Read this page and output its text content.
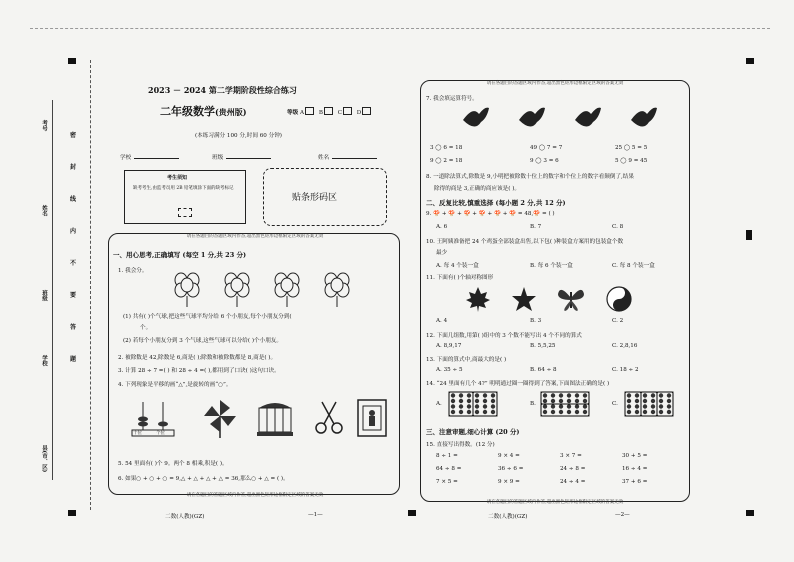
考号
姓名
班级
学校
县(市、区)
密
封
线
内
不
要
答
题
2023 － 2024 第二学期阶段性综合练习
二年级数学(贵州版)	等级 A	B	C	D
(本练习满分 100 分,时间 60 分钟)
学校	班级	姓名
考生须知
缺考考生,由监考员用 2B 铅笔填涂下面的缺考标记
贴条形码区
请在各题目的答题区域内作答,超出黑色矩形边框限定区域的答案无效
请在各题目的答题区域内作答,超出黑色矩形边框限定区域的答案无效
一、用心思考,正确填写 (每空 1 分,共 23 分)
1. 我会分。
(1) 共有( )个气球,把这些气球平均分给 6 个小朋友,每个小朋友分到(
个。
(2) 若每个小朋友分到 3 个气球,这些气球可以分给( )个小朋友。
2. 被除数是 42,除数是 6,商是( );除数和被除数都是 8,商是( )。
3. 计算 28 ÷ 7 =( ) 和 28 ÷ 4 =( ),都用到了口诀( )这句口诀。
4. 下列现象是平移的画“△”,是旋转的画“○”。
十位	个位
5. 54 里面有( )个 9。两个 8 相乘,积是( )。
6. 如果○ + ○ + ○ = 9,△ + △ + △ + △ = 36,那么○ + △ = ( )。
请在各题目的答题区域内作答,超出黑色矩形边框限定区域的答案无效
请在各题目的答题区域内作答,超出黑色矩形边框限定区域的答案无效
7. 我会填运算符号。
3 ◯ 6 = 18	49 ◯ 7 = 7	25 ◯ 5 = 5
9 ◯ 2 = 18	9 ◯ 3 = 6	5 ◯ 9 = 45
8. 一道除法算式,除数是 9,小明把被除数十位上的数字和个位上的数字看颠倒了,结果
除得的商是 3,正确的商应该是( )。
二、反复比较,慎重选择 (每小题 2 分,共 12 分)
9. 🍄 + 🍄 + 🍄 + 🍄 + 🍄 + 🍄 = 48,🍄 = ( )
A. 6	B. 7	C. 8
10. 王阿姨准备把 24 个鸡蛋全部装盒出售,以下包( )种装盒方案用的包装盒个数
最少
A. 每 4 个装一盒	B. 每 6 个装一盒	C. 每 8 个装一盒
11. 下面有( )个轴对称图形
A. 4	B. 3	C. 2
12. 下面几组数,用第( )组中的 3 个数不能写出 4 个不同的算式
A. 8,9,17	B. 5,5,25	C. 2,8,16
13. 下面的算式中,商最大的是( )
A. 35 ÷ 5	B. 64 ÷ 8	C. 18 ÷ 2
14. “24 里面有几个 4?” 明明通过圈一圈得到了答案,下面图法正确的是( )
A.	B.	C.
三、注意审题,细心计算 (20 分)
15. 直接写出得数。(12 分)
8 ÷ 1 =	9 × 4 =	3 × 7 =	30 + 5 =
64 ÷ 8 =	36 ÷ 6 =	24 ÷ 8 =	16 ÷ 4 =
7 × 5 =	9 × 9 =	24 ÷ 4 =	37 + 6 =
二数(人教)(GZ)	—1—	二数(人教)(GZ)	—2—
